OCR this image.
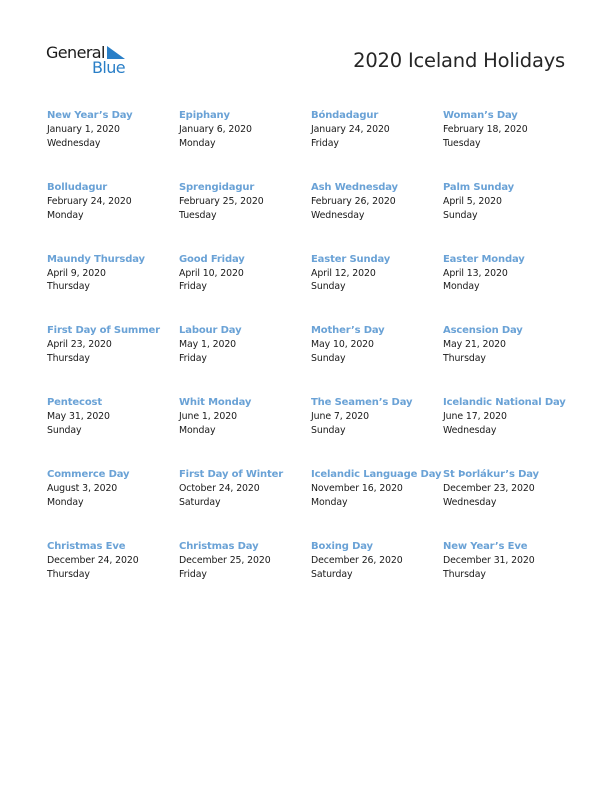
General
Blue	2020 Iceland Holidays
New Year’s Day
January 1, 2020
Wednesday
Epiphany
January 6, 2020
Monday
Bóndadagur
January 24, 2020
Friday
Woman’s Day
February 18, 2020
Tuesday
Bolludagur
February 24, 2020
Monday
Sprengidagur
February 25, 2020
Tuesday
Ash Wednesday
February 26, 2020
Wednesday
Palm Sunday
April 5, 2020
Sunday
Maundy Thursday
April 9, 2020
Thursday
Good Friday
April 10, 2020
Friday
Easter Sunday
April 12, 2020
Sunday
Easter Monday
April 13, 2020
Monday
First Day of Summer
April 23, 2020
Thursday
Labour Day
May 1, 2020
Friday
Mother’s Day
May 10, 2020
Sunday
Ascension Day
May 21, 2020
Thursday
Pentecost
May 31, 2020
Sunday
Whit Monday
June 1, 2020
Monday
The Seamen’s Day
June 7, 2020
Sunday
Icelandic National Day
June 17, 2020
Wednesday
Commerce Day
August 3, 2020
Monday
First Day of Winter
October 24, 2020
Saturday
Icelandic Language Day
November 16, 2020
Monday
St Þorlákur’s Day
December 23, 2020
Wednesday
Christmas Eve
December 24, 2020
Thursday
Christmas Day
December 25, 2020
Friday
Boxing Day
December 26, 2020
Saturday
New Year’s Eve
December 31, 2020
Thursday
